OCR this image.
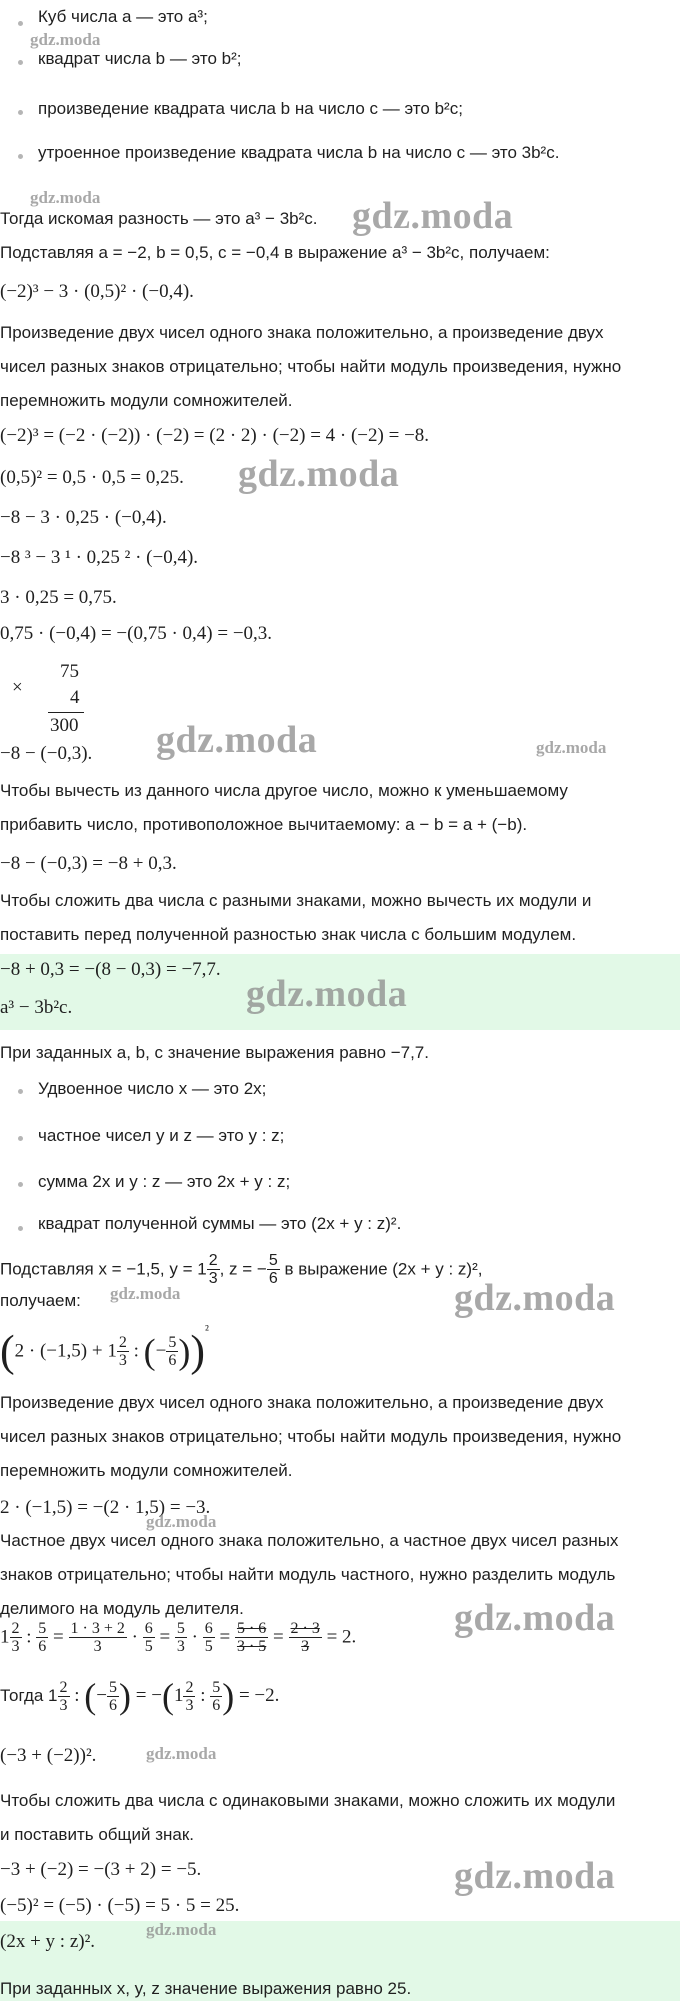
Куб числа a — это a³;
квадрат числа b — это b²;
произведение квадрата числа b на число c — это b²c;
утроенное произведение квадрата числа b на число c — это 3b²c.
Тогда искомая разность — это a³ − 3b²c.
Подставляя a = −2, b = 0,5, c = −0,4 в выражение a³ − 3b²c, получаем:
(−2)³ − 3 · (0,5)² · (−0,4).
Произведение двух чисел одного знака положительно, а произведение двух
чисел разных знаков отрицательно; чтобы найти модуль произведения, нужно
перемножить модули сомножителей.
(−2)³ = (−2 · (−2)) · (−2) = (2 · 2) · (−2) = 4 · (−2) = −8.
(0,5)² = 0,5 · 0,5 = 0,25.
−8 − 3 · 0,25 · (−0,4).
−8 ³ − 3 ¹ · 0,25 ² · (−0,4).
3 · 0,25 = 0,75.
0,75 · (−0,4) = −(0,75 · 0,4) = −0,3.
×
75
4
300
−8 − (−0,3).
Чтобы вычесть из данного числа другое число, можно к уменьшаемому
прибавить число, противоположное вычитаемому: a − b = a + (−b).
−8 − (−0,3) = −8 + 0,3.
Чтобы сложить два числа с разными знаками, можно вычесть их модули и
поставить перед полученной разностью знак числа с большим модулем.
−8 + 0,3 = −(8 − 0,3) = −7,7.
a³ − 3b²c.
При заданных a, b, c значение выражения равно −7,7.
Удвоенное число x — это 2x;
частное чисел y и z — это y : z;
сумма 2x и y : z — это 2x + y : z;
квадрат полученной суммы — это (2x + y : z)².
Подставляя x = −1,5, $y = 1 \frac{2}{3}$ , z = − $\frac{5}{6}$ в выражение (2x + y : z)²,
получаем:
($2 \cdot (-1,5) + 1 \frac{2}{3}$ : (− $\frac{5}{6} ))^{^2}$
Произведение двух чисел одного знака положительно, а произведение двух
чисел разных знаков отрицательно; чтобы найти модуль произведения, нужно
перемножить модули сомножителей.
2 · (−1,5) = −(2 · 1,5) = −3.
Частное двух чисел одного знака положительно, а частное двух чисел разных
знаков отрицательно; чтобы найти модуль частного, нужно разделить модуль
делимого на модуль делителя.
$1 \frac{2}{3}$ : $\frac{5}{6} = \frac{1 \cdot 3 + 2}{3} \cdot \frac{6}{5} = \frac{5}{3} \cdot \frac{6}{5} = \frac{5 \cdot 6}{3 \cdot 5} = \frac{2 \cdot 3}{3} = 2$.
Тогда $1 \frac{2}{3}$ : (− $\frac{5}{6}$ ) = $-(1 \frac{2}{3}$ : $\frac{5}{6}$ ) = −2.
(−3 + (−2))².
Чтобы сложить два числа с одинаковыми знаками, можно сложить их модули
и поставить общий знак.
−3 + (−2) = −(3 + 2) = −5.
(−5)² = (−5) · (−5) = 5 · 5 = 25.
(2x + y : z)².
При заданных x, y, z значение выражения равно 25.
gdz.moda
gdz.moda	gdz.moda
gdz.moda
gdz.moda	gdz.moda
gdz.moda
gdz.moda	gdz.moda
gdz.moda
gdz.moda
gdz.moda
gdz.moda
gdz.moda
